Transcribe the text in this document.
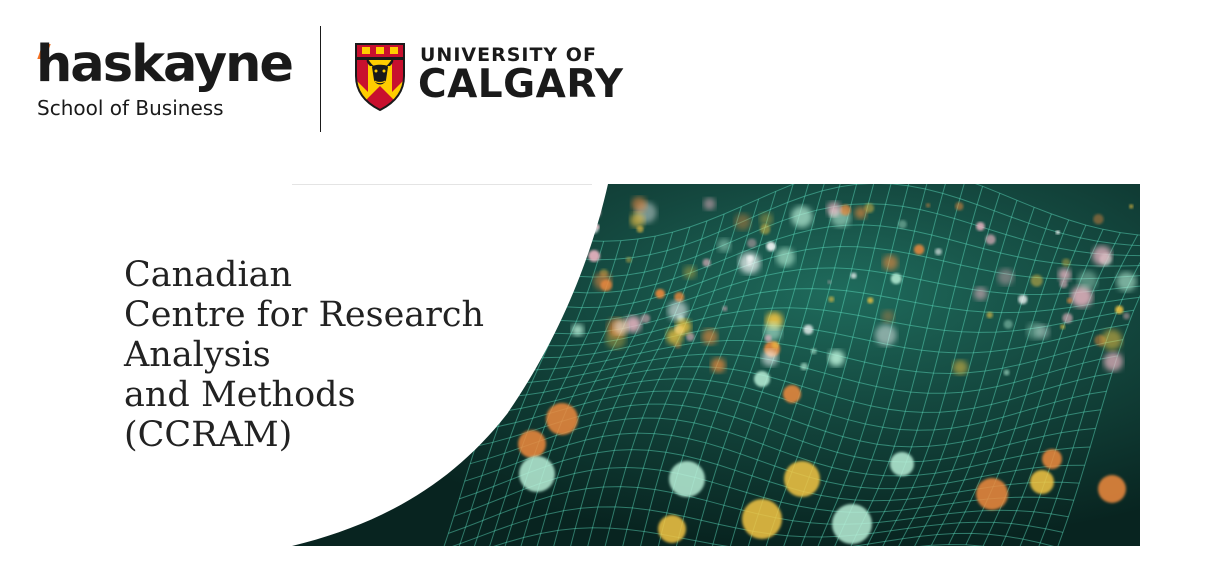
haskayne
School of Business
UNIVERSITY OF
CALGARY
Canadian
Centre for Research
Analysis
and Methods
(CCRAM)
